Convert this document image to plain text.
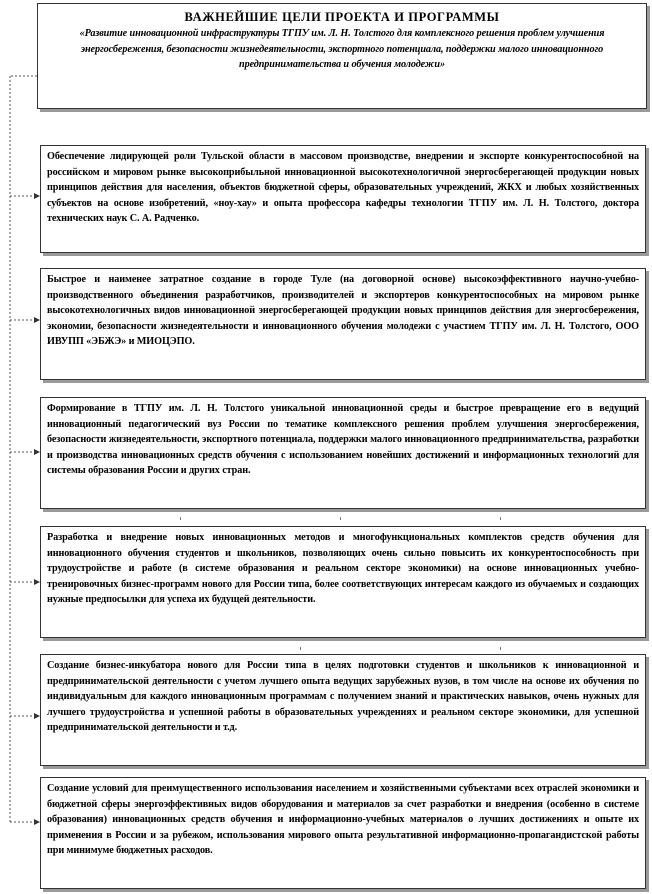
ВАЖНЕЙШИЕ ЦЕЛИ ПРОЕКТА И ПРОГРАММЫ
«Развитие инновационной инфраструктуры ТГПУ им. Л. Н. Толстого для комплексного решения проблем улучшения энергосбережения, безопасности жизнедеятельности, экспортного потенциала, поддержки малого инновационного предпринимательства и обучения молодежи»
Обеспечение лидирующей роли Тульской области в массовом производстве, внедрении и экспорте конкурентоспособной на российском и мировом рынке высокоприбыльной инновационной высокотехнологичной энергосберегающей продукции новых принципов действия для населения, объектов бюджетной сферы, образовательных учреждений, ЖКХ и любых хозяйственных субъектов на основе изобретений, «ноу-хау» и опыта профессора кафедры технологии ТГПУ им. Л. Н. Толстого, доктора технических наук С. А. Радченко.
Быстрое и наименее затратное создание в городе Туле (на договорной основе) высокоэффективного научно-учебно-производственного объединения разработчиков, производителей и экспортеров конкурентоспособных на мировом рынке высокотехнологичных видов инновационной энергосберегающей продукции новых принципов действия для энергосбережения, экономии, безопасности жизнедеятельности и инновационного обучения молодежи с участием ТГПУ им. Л. Н. Толстого, ООО ИВУПП «ЭБЖЭ» и МИОЦЭПО.
Формирование в ТГПУ им. Л. Н. Толстого уникальной инновационной среды и быстрое превращение его в ведущий инновационный педагогический вуз России по тематике комплексного решения проблем улучшения энергосбережения, безопасности жизнедеятельности, экспортного потенциала, поддержки малого инновационного предпринимательства, разработки и производства инновационных средств обучения с использованием новейших достижений и информационных технологий для системы образования России и других стран.
Разработка и внедрение новых инновационных методов и многофункциональных комплектов средств обучения для инновационного обучения студентов и школьников, позволяющих очень сильно повысить их конкурентоспособность при трудоустройстве и работе (в системе образования и реальном секторе экономики) на основе инновационных учебно-тренировочных бизнес-программ нового для России типа, более соответствующих интересам каждого из обучаемых и создающих нужные предпосылки для успеха их будущей деятельности.
Создание бизнес-инкубатора нового для России типа в целях подготовки студентов и школьников к инновационной и предпринимательской деятельности с учетом лучшего опыта ведущих зарубежных вузов, в том числе на основе их обучения по индивидуальным для каждого инновационным программам с получением знаний и практических навыков, очень нужных для лучшего трудоустройства и успешной работы в образовательных учреждениях и реальном секторе экономики, для успешной предпринимательской деятельности и т.д.
Создание условий для преимущественного использования населением и хозяйственными субъектами всех отраслей экономики и бюджетной сферы энергоэффективных видов оборудования и материалов за счет разработки и внедрения (особенно в системе образования) инновационных средств обучения и информационно-учебных материалов о лучших достижениях и опыте их применения в России и за рубежом, использования мирового опыта результативной информационно-пропагандистской работы при минимуме бюджетных расходов.
